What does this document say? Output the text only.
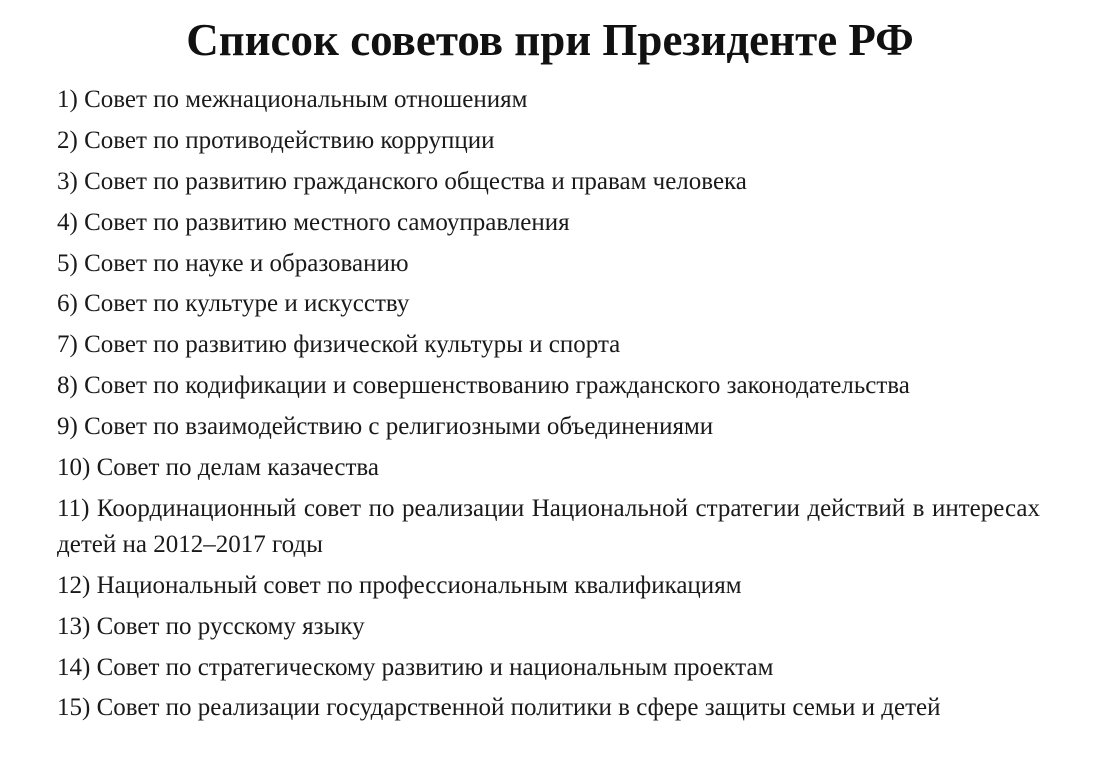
Список советов при Президенте РФ
1) Совет по межнациональным отношениям
2) Совет по противодействию коррупции
3) Совет по развитию гражданского общества и правам человека
4) Совет по развитию местного самоуправления
5) Совет по науке и образованию
6) Совет по культуре и искусству
7) Совет по развитию физической культуры и спорта
8) Совет по кодификации и совершенствованию гражданского законодательства
9) Совет по взаимодействию с религиозными объединениями
10) Совет по делам казачества
11) Координационный совет по реализации Национальной стратегии действий в интересах детей на 2012–2017 годы
12) Национальный совет по профессиональным квалификациям
13) Совет по русскому языку
14) Совет по стратегическому развитию и национальным проектам
15) Совет по реализации государственной политики в сфере защиты семьи и детей
